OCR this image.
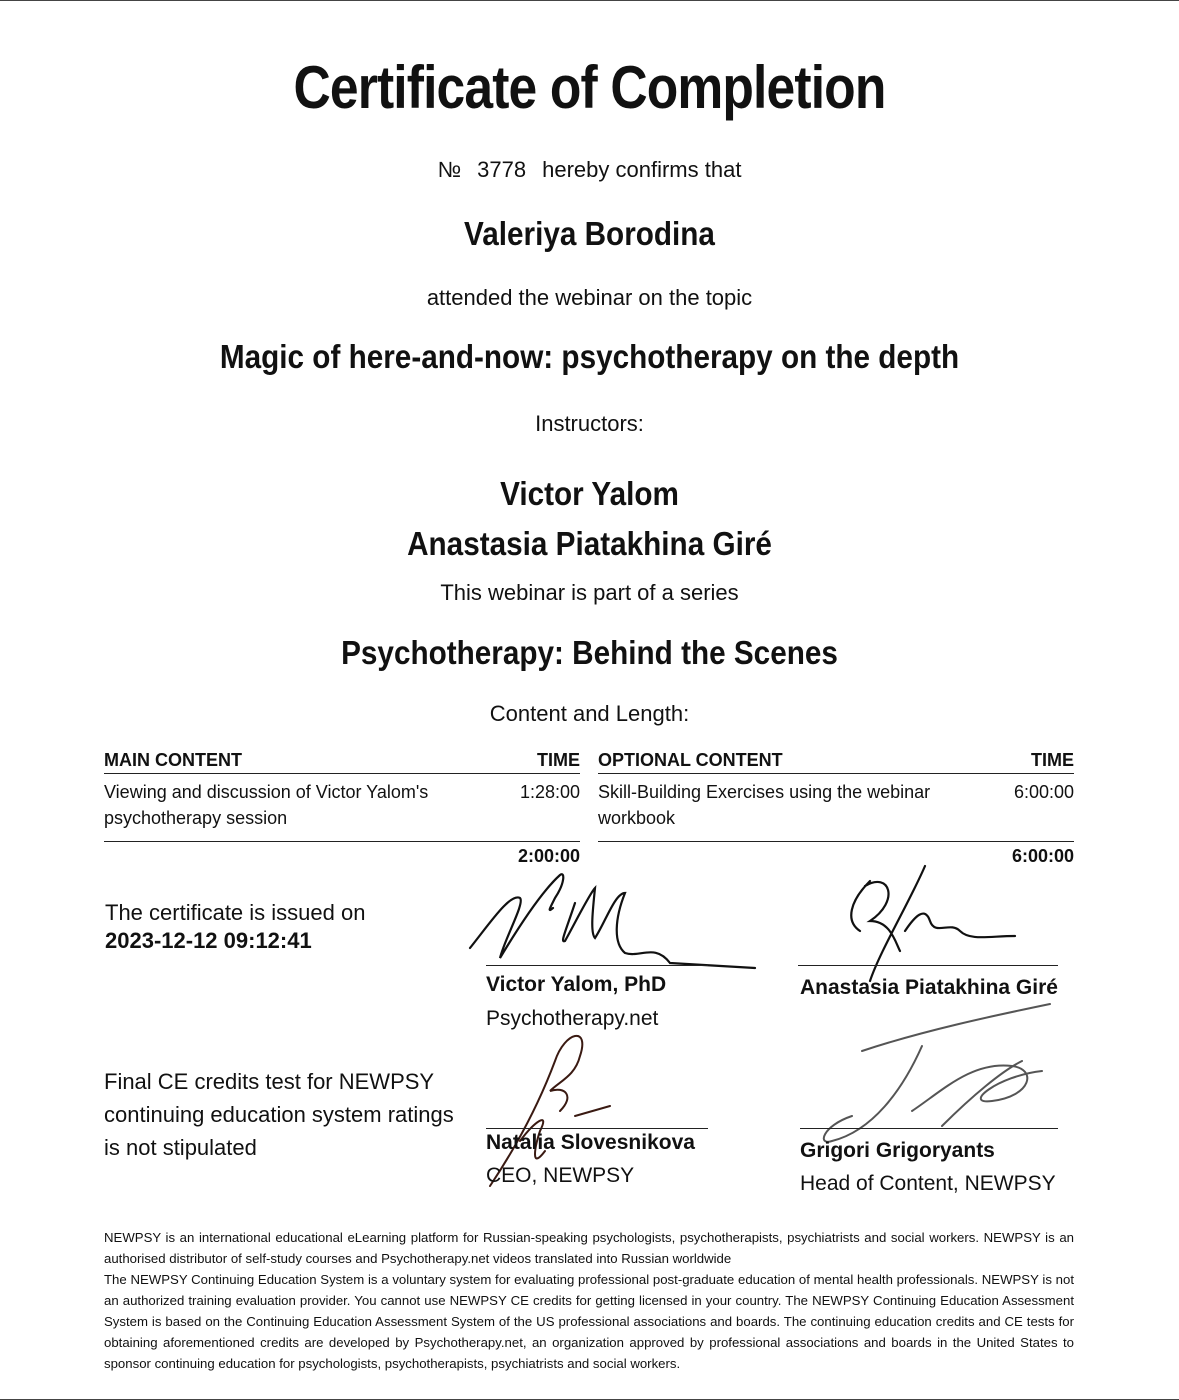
Certificate of Completion
№ 3778 hereby confirms that
Valeriya Borodina
attended the webinar on the topic
Magic of here-and-now: psychotherapy on the depth
Instructors:
Victor Yalom
Anastasia Piatakhina Giré
This webinar is part of a series
Psychotherapy: Behind the Scenes
Content and Length:
MAIN CONTENT	TIME
Viewing and discussion of Victor Yalom's psychotherapy session
1:28:00
2:00:00
OPTIONAL CONTENT	TIME
Skill-Building Exercises using the webinar workbook
6:00:00
6:00:00
The certificate is issued on
2023-12-12 09:12:41
Final CE credits test for NEWPSY continuing education system ratings is not stipulated
Victor Yalom, PhD
Psychotherapy.net
Anastasia Piatakhina Giré
Natalia Slovesnikova
CEO, NEWPSY
Grigori Grigoryants
Head of Content, NEWPSY

NEWPSY is an international educational eLearning platform for Russian-speaking psychologists, psychotherapists, psychiatrists and social workers. NEWPSY is an authorised distributor of self-study courses and Psychotherapy.net videos translated into Russian worldwide

The NEWPSY Continuing Education System is a voluntary system for evaluating professional post-graduate education of mental health professionals. NEWPSY is not an authorized training evaluation provider. You cannot use NEWPSY CE credits for getting licensed in your country. The NEWPSY Continuing Education Assessment System is based on the Continuing Education Assessment System of the US professional associations and boards. The continuing education credits and CE tests for obtaining aforementioned credits are developed by Psychotherapy.net, an organization approved by professional associations and boards in the United States to sponsor continuing education for psychologists, psychotherapists, psychiatrists and social workers.
